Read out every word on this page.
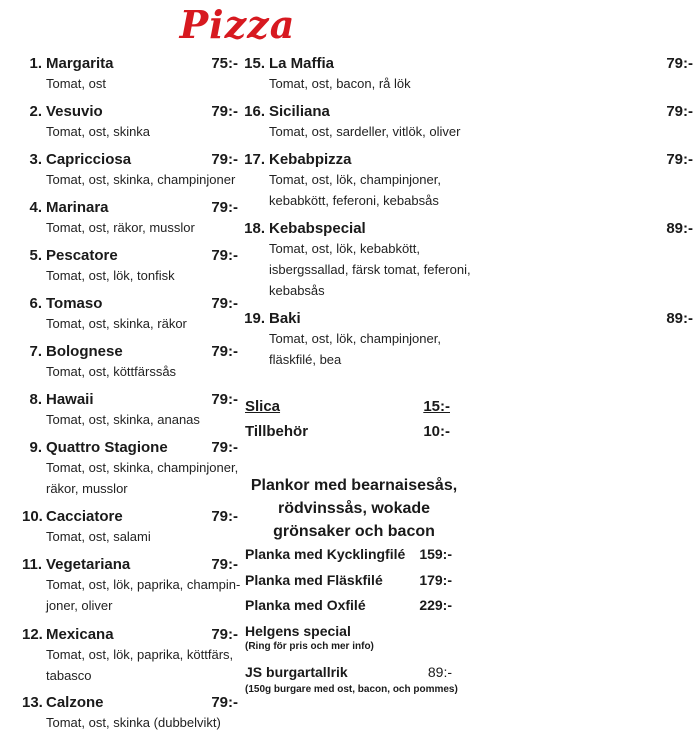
Pizza
1. Margarita	75:-
Tomat, ost
2. Vesuvio	79:-
Tomat, ost, skinka
3. Capricciosa	79:-
Tomat, ost, skinka, champinjoner
4. Marinara	79:-
Tomat, ost, räkor, musslor
5. Pescatore	79:-
Tomat, ost, lök, tonfisk
6. Tomaso	79:-
Tomat, ost, skinka, räkor
7. Bolognese	79:-
Tomat, ost, köttfärssås
8. Hawaii	79:-
Tomat, ost, skinka, ananas
9. Quattro Stagione	79:-
Tomat, ost, skinka, champinjoner,
räkor, musslor
10. Cacciatore	79:-
Tomat, ost, salami
11. Vegetariana	79:-
Tomat, ost, lök, paprika, champin-
joner, oliver
12. Mexicana	79:-
Tomat, ost, lök, paprika, köttfärs,
tabasco
13. Calzone	79:-
Tomat, ost, skinka (dubbelvikt)
15. La Maffia	79:-
Tomat, ost, bacon, rå lök
16. Siciliana	79:-
Tomat, ost, sardeller, vitlök, oliver
17. Kebabpizza	79:-
Tomat, ost, lök, champinjoner,
kebabkött, feferoni, kebabsås
18. Kebabspecial	89:-
Tomat, ost, lök, kebabkött,
isbergssallad, färsk tomat, feferoni,
kebabsås
19. Baki	89:-
Tomat, ost, lök, champinjoner,
fläskfilé, bea
Slica	15:-
Tillbehör	10:-
Plankor med bearnaisesås,
rödvinssås, wokade
grönsaker och bacon
Planka med Kycklingfilé 159:-
Planka med Fläskfilé	179:-
Planka med Oxfilé	229:-
Helgens special
(Ring för pris och mer info)
JS burgartallrik	89:-
(150g burgare med ost, bacon, och pommes)
